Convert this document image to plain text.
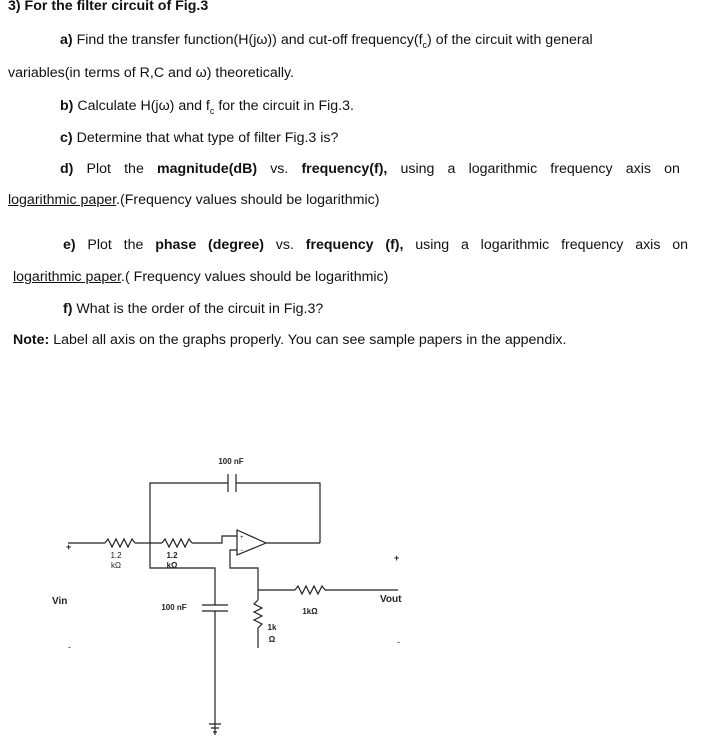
3) For the filter circuit of Fig.3
a) Find the transfer function(H(jω)) and cut-off $frequency(f_c)$ of the circuit with general
variables(in terms of R,C and ω) theoretically.
b) Calculate H(jω) and $f_c$ for the circuit in Fig.3.
c) Determine that what type of filter Fig.3 is?
d) Plot the magnitude(dB) vs. frequency(f), using a logarithmic frequency axis on
logarithmic paper.(Frequency values should be logarithmic)
e) Plot the phase (degree) vs. frequency (f), using a logarithmic frequency axis on
logarithmic paper.( Frequency values should be logarithmic)
f) What is the order of the circuit in Fig.3?
Note: Label all axis on the graphs properly. You can see sample papers in the appendix.
100 nF
1.2
kΩ
1.2
kΩ
100 nF
1k
Ω
1kΩ
Vin	Vout
+
+
+
−
-	-
